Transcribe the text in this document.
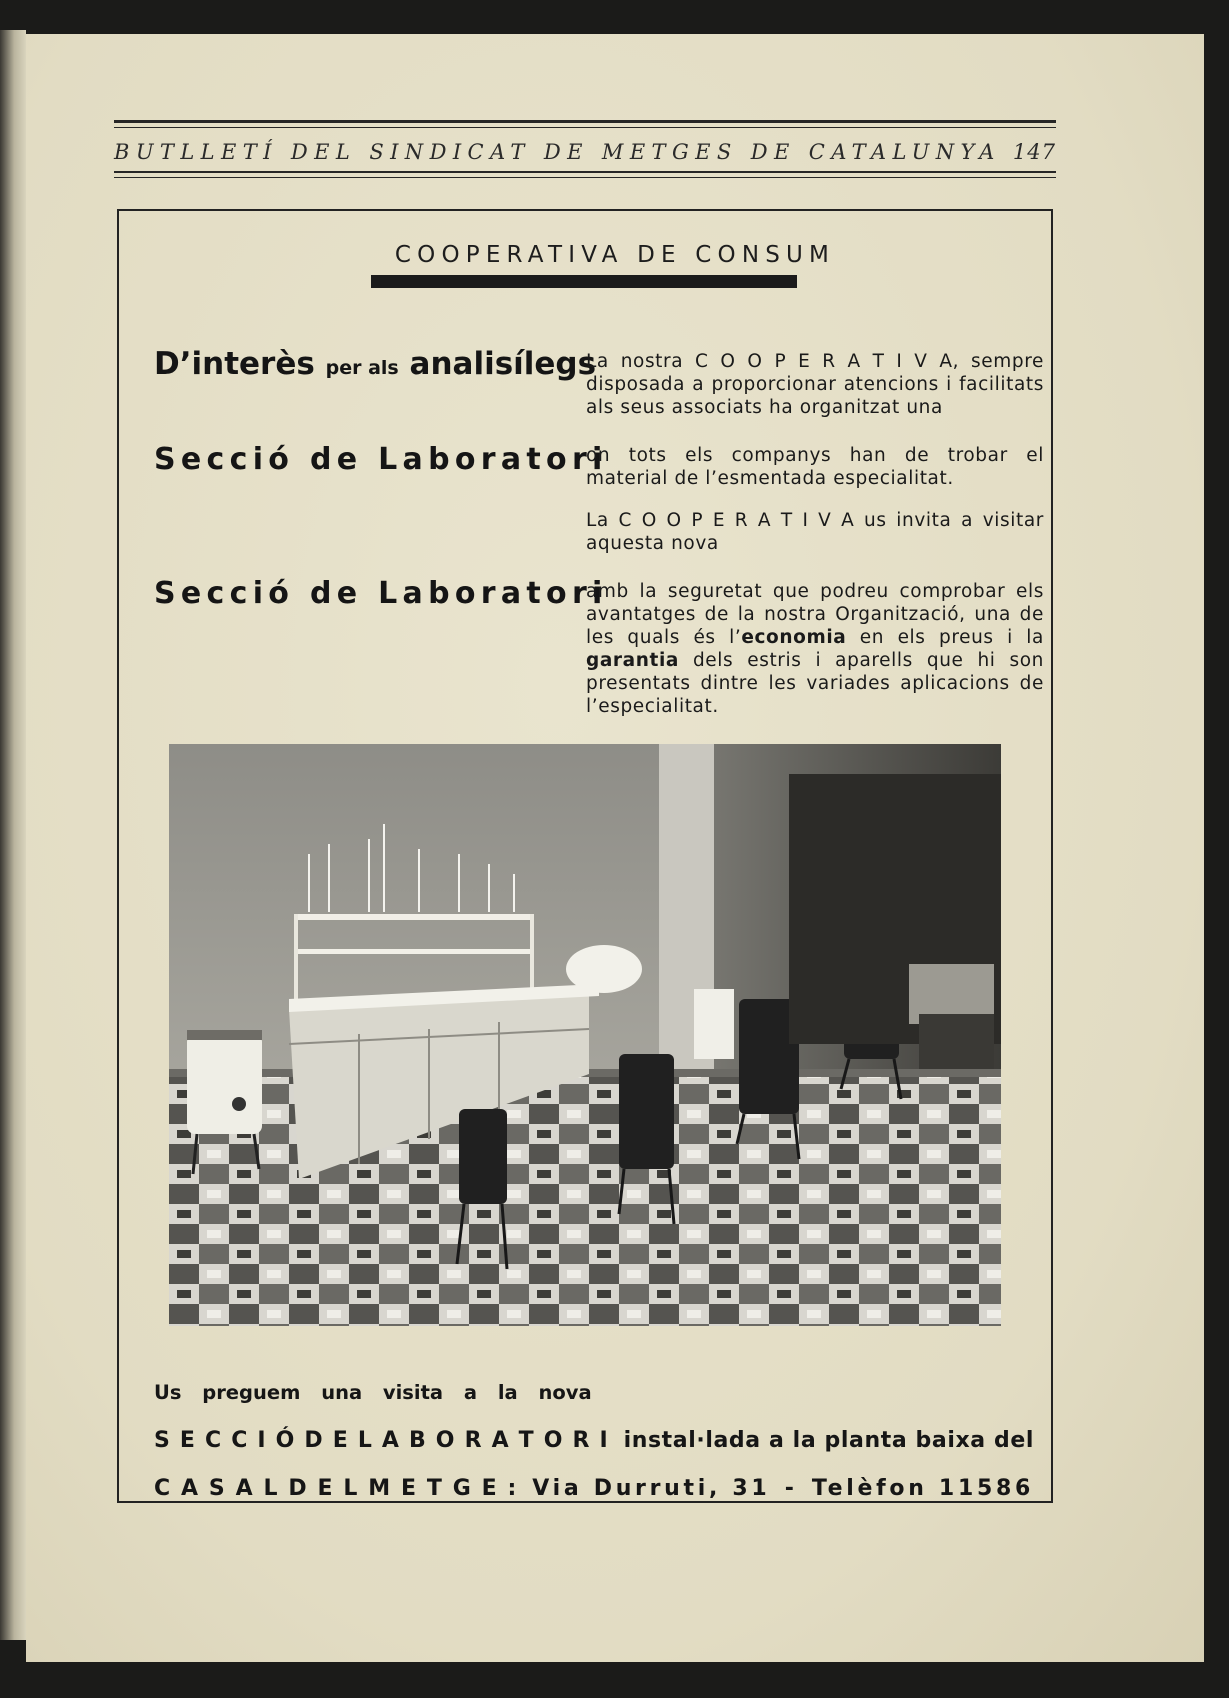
BUTLLETÍ DEL SINDICAT DE METGES DE CATALUNYA 147
COOPERATIVA DE CONSUM
D’interès per als analisílegs
Secció de Laboratori
Secció de Laboratori
La nostra C O O P E R A T I V A, sempre disposada a proporcionar atencions i facilitats als seus associats ha organitzat una
on tots els companys han de trobar el material de l’esmentada especialitat.
La C O O P E R A T I V A us invita a visitar aquesta nova
amb la seguretat que podreu comprobar els avantatges de la nostra Organització, una de les quals és l’economia en els preus i la garantia dels estris i aparells que hi son presentats dintre les variades aplicacions de l’especialitat.
Us preguem una visita a la nova
S E C C I Ó D E L A B O R A T O R I instal·lada a la planta baixa del
C A S A L D E L M E T G E : Via Durruti, 31 - Telèfon 11586
